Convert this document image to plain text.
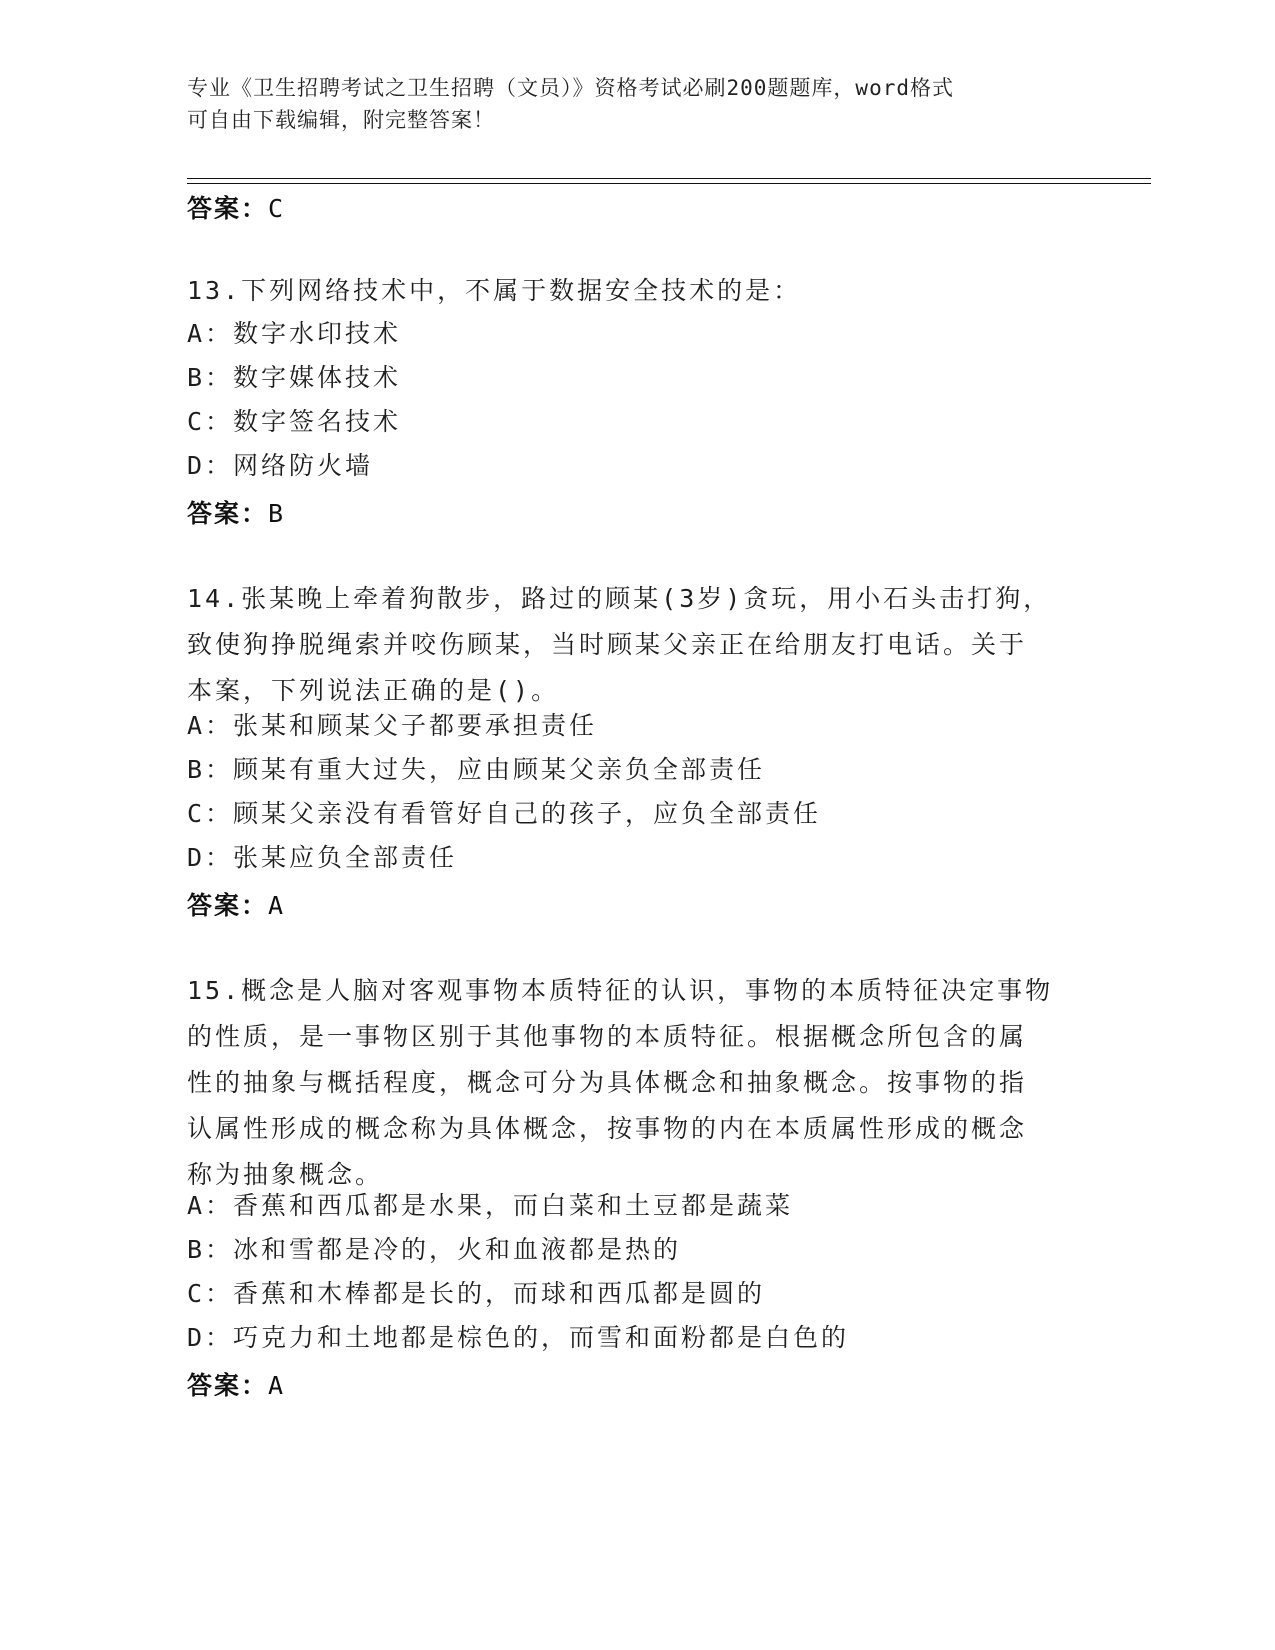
专业《卫生招聘考试之卫生招聘（文员）》资格考试必刷200题题库，word格式
可自由下载编辑，附完整答案！
答案：C
13.下列网络技术中，不属于数据安全技术的是：
A：数字水印技术
B：数字媒体技术
C：数字签名技术
D：网络防火墙
答案：B
14.张某晚上牵着狗散步，路过的顾某(3岁)贪玩，用小石头击打狗，
致使狗挣脱绳索并咬伤顾某，当时顾某父亲正在给朋友打电话。关于
本案，下列说法正确的是()。
A：张某和顾某父子都要承担责任
B：顾某有重大过失，应由顾某父亲负全部责任
C：顾某父亲没有看管好自己的孩子，应负全部责任
D：张某应负全部责任
答案：A
15.概念是人脑对客观事物本质特征的认识，事物的本质特征决定事物
的性质，是一事物区别于其他事物的本质特征。根据概念所包含的属
性的抽象与概括程度，概念可分为具体概念和抽象概念。按事物的指
认属性形成的概念称为具体概念，按事物的内在本质属性形成的概念
称为抽象概念。
A：香蕉和西瓜都是水果，而白菜和土豆都是蔬菜
B：冰和雪都是冷的，火和血液都是热的
C：香蕉和木棒都是长的，而球和西瓜都是圆的
D：巧克力和土地都是棕色的，而雪和面粉都是白色的
答案：A
